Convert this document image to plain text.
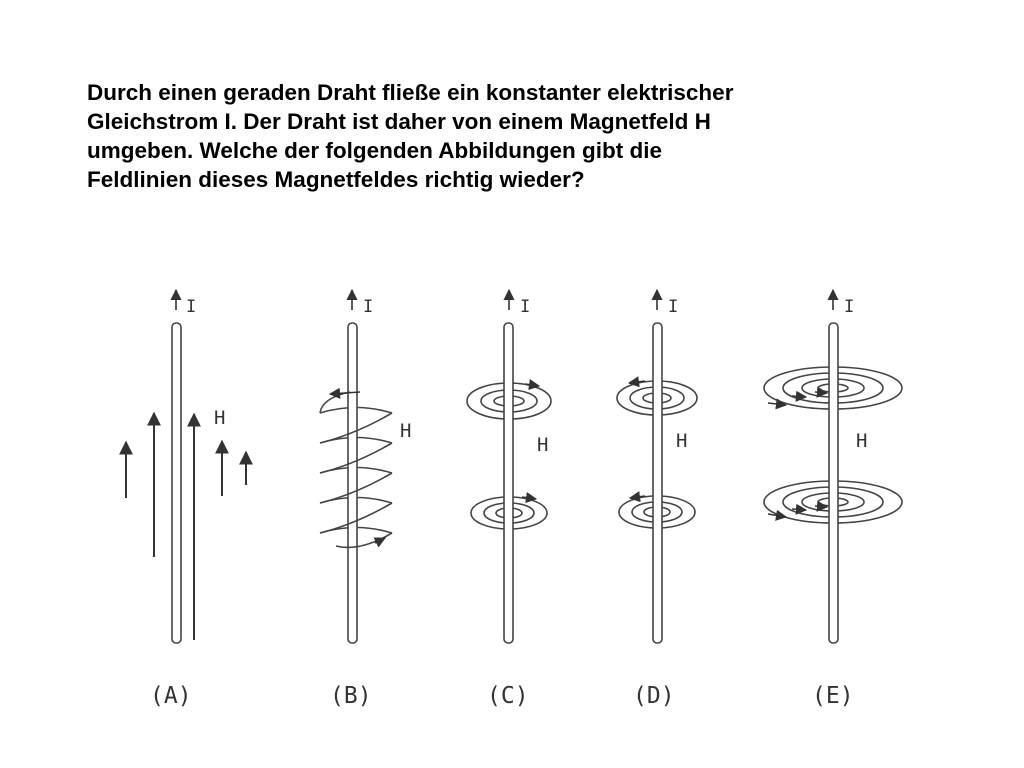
Durch einen geraden Draht fließe ein konstanter elektrischer
Gleichstrom I. Der Draht ist daher von einem Magnetfeld H
umgeben. Welche der folgenden Abbildungen gibt die
Feldlinien dieses Magnetfeldes richtig wieder?
I
H
(A)
I
H
(B)
I
H
(C)
I
H
(D)
I
H
(E)
